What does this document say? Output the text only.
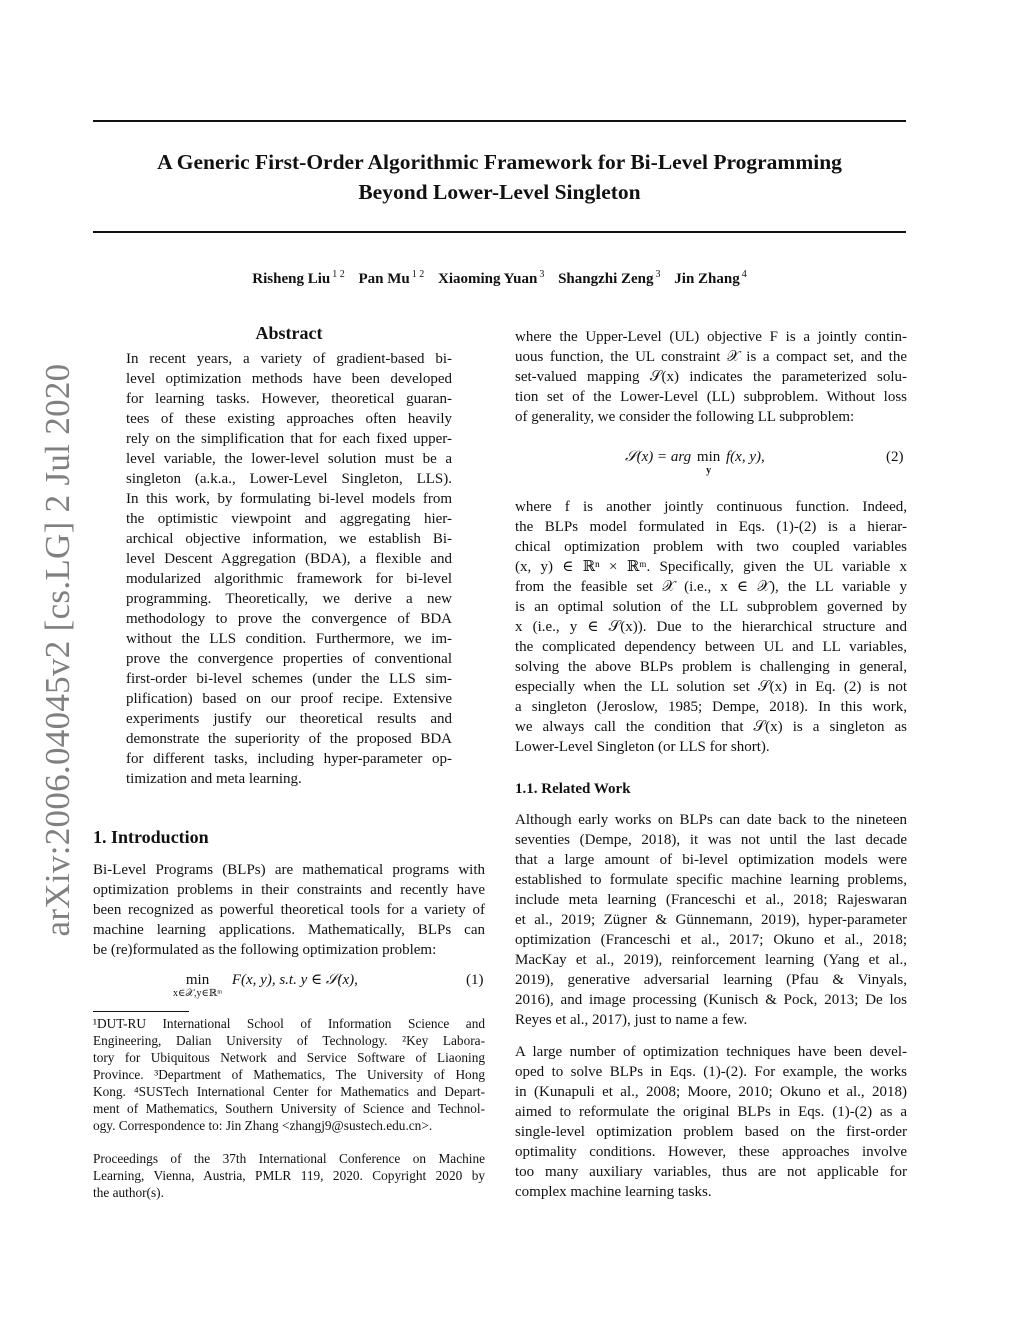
A Generic First-Order Algorithmic Framework for Bi-Level Programming
Beyond Lower-Level Singleton
Risheng Liu $^{1 2}$ Pan Mu $^{1 2}$ Xiaoming Yuan $^3$ Shangzhi Zeng $^3$ Jin Zhang $^4$
arXiv:2006.04045v2 [cs.LG] 2 Jul 2020
Abstract
In recent years, a variety of gradient-based bi-
level optimization methods have been developed
for learning tasks. However, theoretical guaran-
tees of these existing approaches often heavily
rely on the simplification that for each fixed upper-
level variable, the lower-level solution must be a
singleton (a.k.a., Lower-Level Singleton, LLS).
In this work, by formulating bi-level models from
the optimistic viewpoint and aggregating hier-
archical objective information, we establish Bi-
level Descent Aggregation (BDA), a flexible and
modularized algorithmic framework for bi-level
programming. Theoretically, we derive a new
methodology to prove the convergence of BDA
without the LLS condition. Furthermore, we im-
prove the convergence properties of conventional
first-order bi-level schemes (under the LLS sim-
plification) based on our proof recipe. Extensive
experiments justify our theoretical results and
demonstrate the superiority of the proposed BDA
for different tasks, including hyper-parameter op-
timization and meta learning.
1. Introduction
Bi-Level Programs (BLPs) are mathematical programs with
optimization problems in their constraints and recently have
been recognized as powerful theoretical tools for a variety of
machine learning applications. Mathematically, BLPs can
be (re)formulated as the following optimization problem:
min
x∈𝒳,y∈ℝᵐ
F(x, y), s.t. y ∈ 𝒮(x),	(1)
¹DUT-RU International School of Information Science and
Engineering, Dalian University of Technology. ²Key Labora-
tory for Ubiquitous Network and Service Software of Liaoning
Province. ³Department of Mathematics, The University of Hong
Kong. ⁴SUSTech International Center for Mathematics and Depart-
ment of Mathematics, Southern University of Science and Technol-
ogy. Correspondence to: Jin Zhang <zhangj9@sustech.edu.cn>.
Proceedings of the 37th International Conference on Machine
Learning, Vienna, Austria, PMLR 119, 2020. Copyright 2020 by
the author(s).
where the Upper-Level (UL) objective F is a jointly contin-
uous function, the UL constraint 𝒳 is a compact set, and the
set-valued mapping 𝒮(x) indicates the parameterized solu-
tion set of the Lower-Level (LL) subproblem. Without loss
of generality, we consider the following LL subproblem:
𝒮(x) = arg min
y
f(x, y),	(2)
where f is another jointly continuous function. Indeed,
the BLPs model formulated in Eqs. (1)-(2) is a hierar-
chical optimization problem with two coupled variables
(x, y) ∈ ℝⁿ × ℝᵐ. Specifically, given the UL variable x
from the feasible set 𝒳 (i.e., x ∈ 𝒳), the LL variable y
is an optimal solution of the LL subproblem governed by
x (i.e., y ∈ 𝒮(x)). Due to the hierarchical structure and
the complicated dependency between UL and LL variables,
solving the above BLPs problem is challenging in general,
especially when the LL solution set 𝒮(x) in Eq. (2) is not
a singleton (Jeroslow, 1985; Dempe, 2018). In this work,
we always call the condition that 𝒮(x) is a singleton as
Lower-Level Singleton (or LLS for short).
1.1. Related Work
Although early works on BLPs can date back to the nineteen
seventies (Dempe, 2018), it was not until the last decade
that a large amount of bi-level optimization models were
established to formulate specific machine learning problems,
include meta learning (Franceschi et al., 2018; Rajeswaran
et al., 2019; Zügner & Günnemann, 2019), hyper-parameter
optimization (Franceschi et al., 2017; Okuno et al., 2018;
MacKay et al., 2019), reinforcement learning (Yang et al.,
2019), generative adversarial learning (Pfau & Vinyals,
2016), and image processing (Kunisch & Pock, 2013; De los
Reyes et al., 2017), just to name a few.
A large number of optimization techniques have been devel-
oped to solve BLPs in Eqs. (1)-(2). For example, the works
in (Kunapuli et al., 2008; Moore, 2010; Okuno et al., 2018)
aimed to reformulate the original BLPs in Eqs. (1)-(2) as a
single-level optimization problem based on the first-order
optimality conditions. However, these approaches involve
too many auxiliary variables, thus are not applicable for
complex machine learning tasks.
